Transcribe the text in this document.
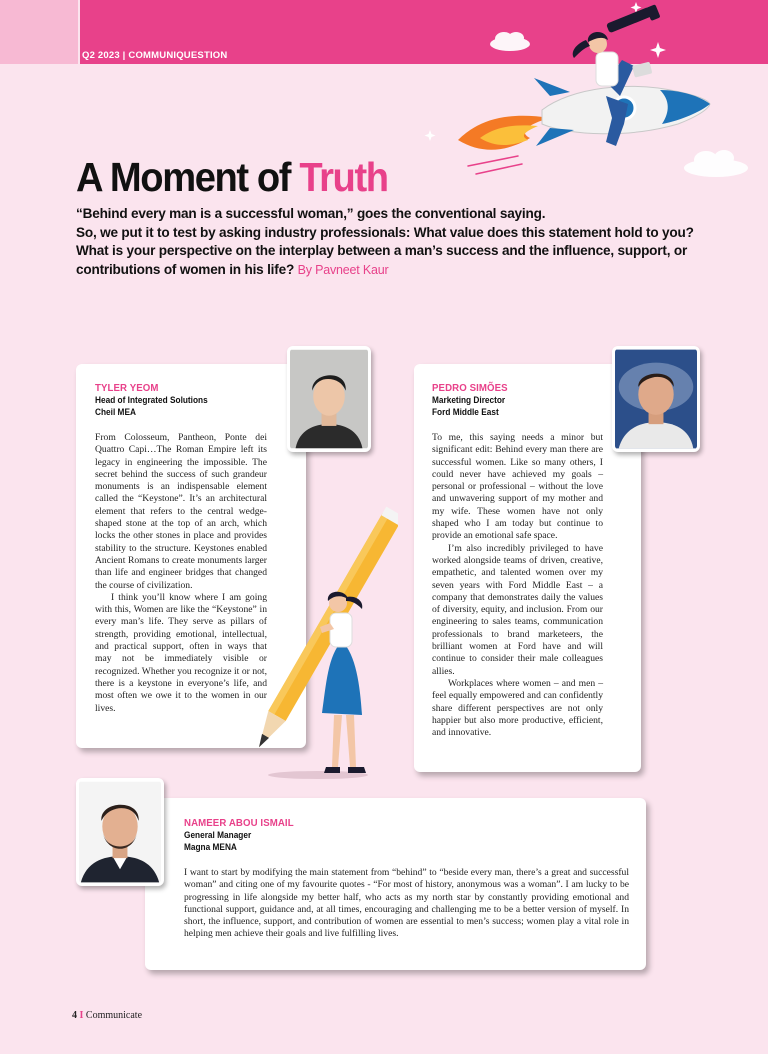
Q2 2023 | COMMUNIQUESTION
A Moment of Truth
“Behind every man is a successful woman,” goes the conventional saying.
So, we put it to test by asking industry professionals: What value does this statement hold to you? What is your perspective on the interplay between a man’s success and the influence, support, or contributions of women in his life? By Pavneet Kaur
TYLER YEOM
Head of Integrated Solutions
Cheil MEA

From Colosseum, Pantheon, Ponte dei Quattro Capi…The Roman Empire left its legacy in engineering the impossible. The secret behind the success of such grandeur monuments is an indispensable element called the “Keystone”. It’s an architectural element that refers to the central wedge-shaped stone at the top of an arch, which locks the other stones in place and provides stability to the structure. Keystones enabled Ancient Romans to create monuments larger than life and engineer bridges that changed the course of civilization.

I think you’ll know where I am going with this, Women are like the “Keystone” in every man’s life. They serve as pillars of strength, providing emotional, intellectual, and practical support, often in ways that may not be immediately visible or recognized. Whether you recognize it or not, there is a keystone in everyone’s life, and most often we owe it to the women in our lives.

PEDRO SIMÕES
Marketing Director
Ford Middle East

To me, this saying needs a minor but significant edit: Behind every man there are successful women. Like so many others, I could never have achieved my goals – personal or professional – without the love and unwavering support of my mother and my wife. These women have not only shaped who I am today but continue to provide an emotional safe space.

I’m also incredibly privileged to have worked alongside teams of driven, creative, empathetic, and talented women over my seven years with Ford Middle East – a company that demonstrates daily the values of diversity, equity, and inclusion. From our engineering to sales teams, communication professionals to brand marketeers, the brilliant women at Ford have and will continue to consider their male colleagues allies.

Workplaces where women – and men – feel equally empowered and can confidently share different perspectives are not only happier but also more productive, efficient, and innovative.

NAMEER ABOU ISMAIL
General Manager
Magna MENA

I want to start by modifying the main statement from “behind” to “beside every man, there’s a great and successful woman” and citing one of my favourite quotes - “For most of history, anonymous was a woman”. I am lucky to be progressing in life alongside my better half, who acts as my north star by constantly providing emotional and functional support, guidance and, at all times, encouraging and challenging me to be a better version of myself. In short, the influence, support, and contribution of women are essential to men’s success; women play a vital role in helping men achieve their goals and live fulfilling lives.

4 I Communicate
